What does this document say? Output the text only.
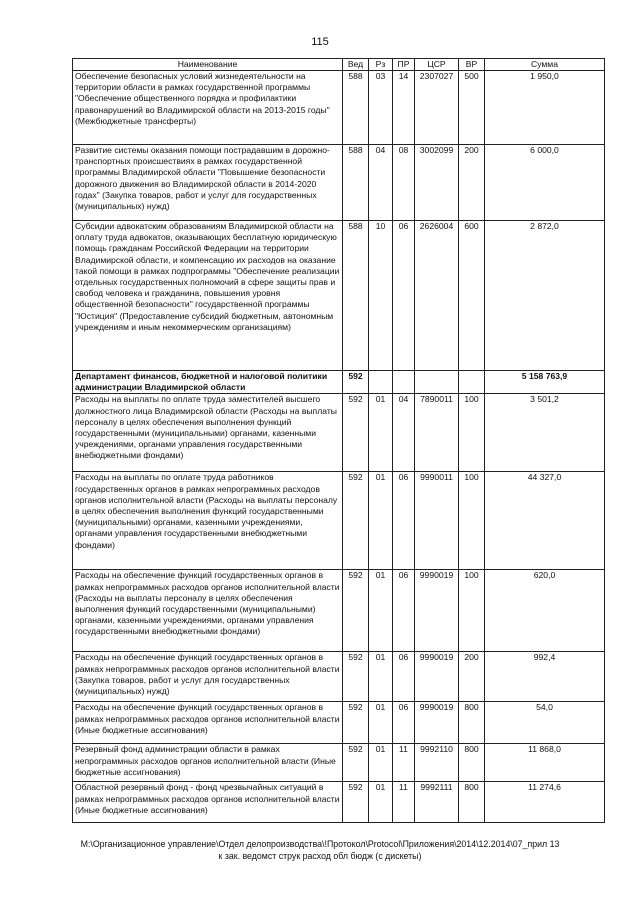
115
Наименование	Вед	Рз	ПР	ЦСР	ВР	Сумма
Обеспечение безопасных условий жизнедеятельности на территории области в рамках государственной программы "Обеспечение общественного порядка и профилактики правонарушений во Владимирской области на 2013-2015 годы" (Межбюджетные трансферты)	588	03	14	2307027	500	1 950,0
Развитие системы оказания помощи пострадавшим в дорожно-транспортных происшествиях в рамках государственной программы Владимирской области "Повышение безопасности дорожного движения во Владимирской области в 2014-2020 годах" (Закупка товаров, работ и услуг для государственных (муниципальных) нужд)	588	04	08	3002099	200	6 000,0
Субсидии адвокатским образованиям Владимирской области на оплату труда адвокатов, оказывающих бесплатную юридическую помощь гражданам Российской Федерации на территории Владимирской области, и компенсацию их расходов на оказание такой помощи в рамках подпрограммы "Обеспечение реализации отдельных государственных полномочий в сфере защиты прав и свобод человека и гражданина, повышения уровня общественной безопасности" государственной программы "Юстиция" (Предоставление субсидий бюджетным, автономным учреждениям и иным некоммерческим организациям)	588	10	06	2626004	600	2 872,0
Департамент финансов, бюджетной и налоговой политики администрации Владимирской области	592					5 158 763,9
Расходы на выплаты по оплате труда заместителей высшего должностного лица Владимирской области (Расходы на выплаты персоналу в целях обеспечения выполнения функций государственными (муниципальными) органами, казенными учреждениями, органами управления государственными внебюджетными фондами)	592	01	04	7890011	100	3 501,2
Расходы на выплаты по оплате труда работников государственных органов в рамках непрограммных расходов органов исполнительной власти (Расходы на выплаты персоналу в целях обеспечения выполнения функций государственными (муниципальными) органами, казенными учреждениями, органами управления государственными внебюджетными фондами)	592	01	06	9990011	100	44 327,0
Расходы на обеспечение функций государственных органов в рамках непрограммных расходов органов исполнительной власти (Расходы на выплаты персоналу в целях обеспечения выполнения функций государственными (муниципальными) органами, казенными учреждениями, органами управления государственными внебюджетными фондами)	592	01	06	9990019	100	620,0
Расходы на обеспечение функций государственных органов в рамках непрограммных расходов органов исполнительной власти (Закупка товаров, работ и услуг для государственных (муниципальных) нужд)	592	01	06	9990019	200	992,4
Расходы на обеспечение функций государственных органов в рамках непрограммных расходов органов исполнительной власти (Иные бюджетные ассигнования)	592	01	06	9990019	800	54,0
Резервный фонд администрации области в рамках непрограммных расходов органов исполнительной власти (Иные бюджетные ассигнования)	592	01	11	9992110	800	11 868,0
Областной резервный фонд - фонд чрезвычайных ситуаций в рамках непрограммных расходов органов исполнительной власти (Иные бюджетные ассигнования)	592	01	11	9992111	800	11 274,6
M:\Организационное управление\Отдел делопроизводства\!Протокол\Protocol\Приложения\2014\12.2014\07_прил 13
к зак. ведомст струк расход обл бюдж (с дискеты)
